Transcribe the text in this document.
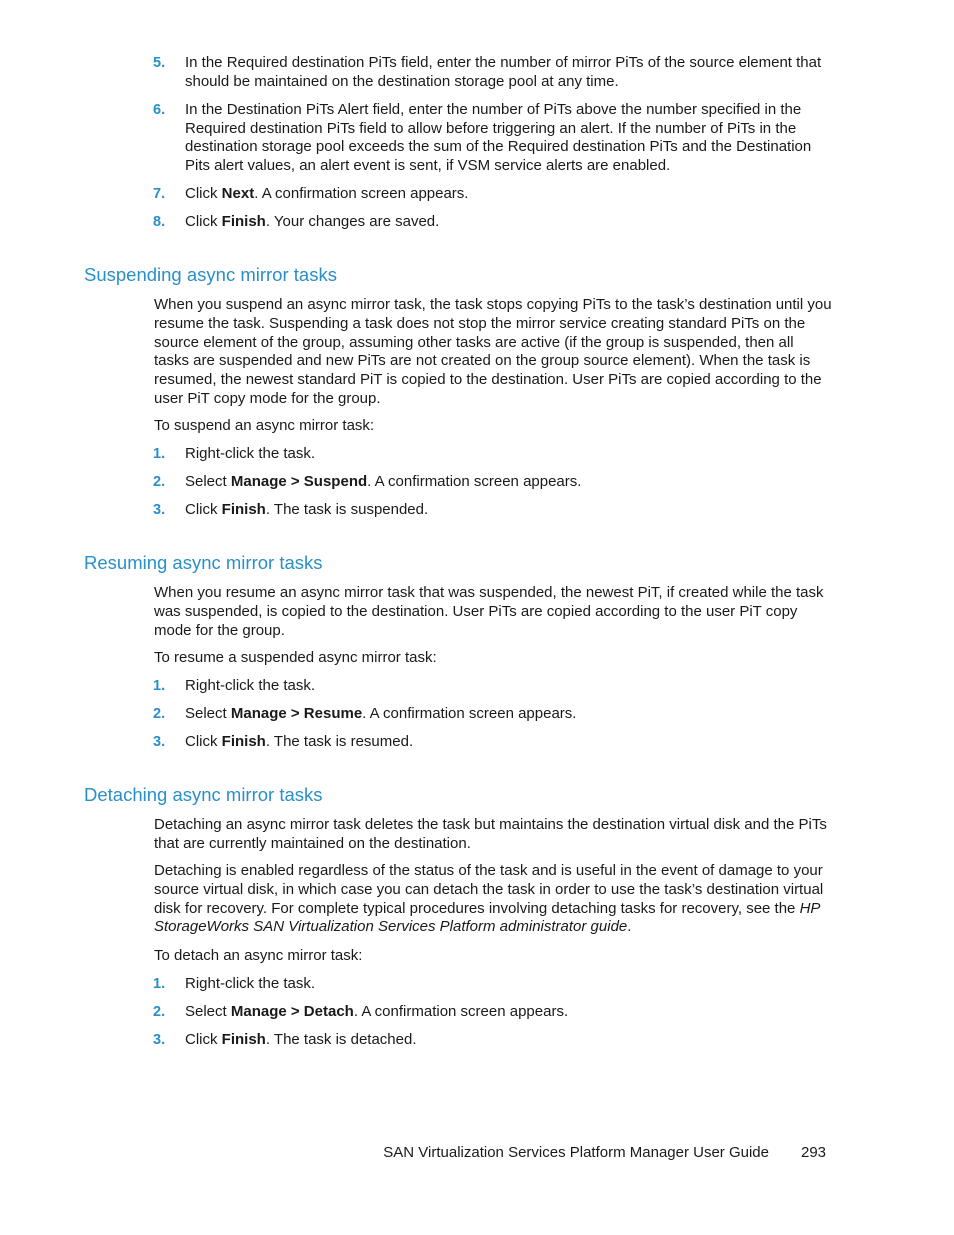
5. In the Required destination PiTs field, enter the number of mirror PiTs of the source element that should be maintained on the destination storage pool at any time.
6. In the Destination PiTs Alert field, enter the number of PiTs above the number specified in the Required destination PiTs field to allow before triggering an alert. If the number of PiTs in the destination storage pool exceeds the sum of the Required destination PiTs and the Destination Pits alert values, an alert event is sent, if VSM service alerts are enabled.
7. Click Next. A confirmation screen appears.
8. Click Finish. Your changes are saved.
Suspending async mirror tasks
When you suspend an async mirror task, the task stops copying PiTs to the task’s destination until you resume the task. Suspending a task does not stop the mirror service creating standard PiTs on the source element of the group, assuming other tasks are active (if the group is suspended, then all tasks are suspended and new PiTs are not created on the group source element). When the task is resumed, the newest standard PiT is copied to the destination. User PiTs are copied according to the user PiT copy mode for the group.
To suspend an async mirror task:
1. Right-click the task.
2. Select Manage > Suspend. A confirmation screen appears.
3. Click Finish. The task is suspended.
Resuming async mirror tasks
When you resume an async mirror task that was suspended, the newest PiT, if created while the task was suspended, is copied to the destination. User PiTs are copied according to the user PiT copy mode for the group.
To resume a suspended async mirror task:
1. Right-click the task.
2. Select Manage > Resume. A confirmation screen appears.
3. Click Finish. The task is resumed.
Detaching async mirror tasks
Detaching an async mirror task deletes the task but maintains the destination virtual disk and the PiTs that are currently maintained on the destination.
Detaching is enabled regardless of the status of the task and is useful in the event of damage to your source virtual disk, in which case you can detach the task in order to use the task’s destination virtual disk for recovery. For complete typical procedures involving detaching tasks for recovery, see the HP StorageWorks SAN Virtualization Services Platform administrator guide.
To detach an async mirror task:
1. Right-click the task.
2. Select Manage > Detach. A confirmation screen appears.
3. Click Finish. The task is detached.
SAN Virtualization Services Platform Manager User Guide 293
